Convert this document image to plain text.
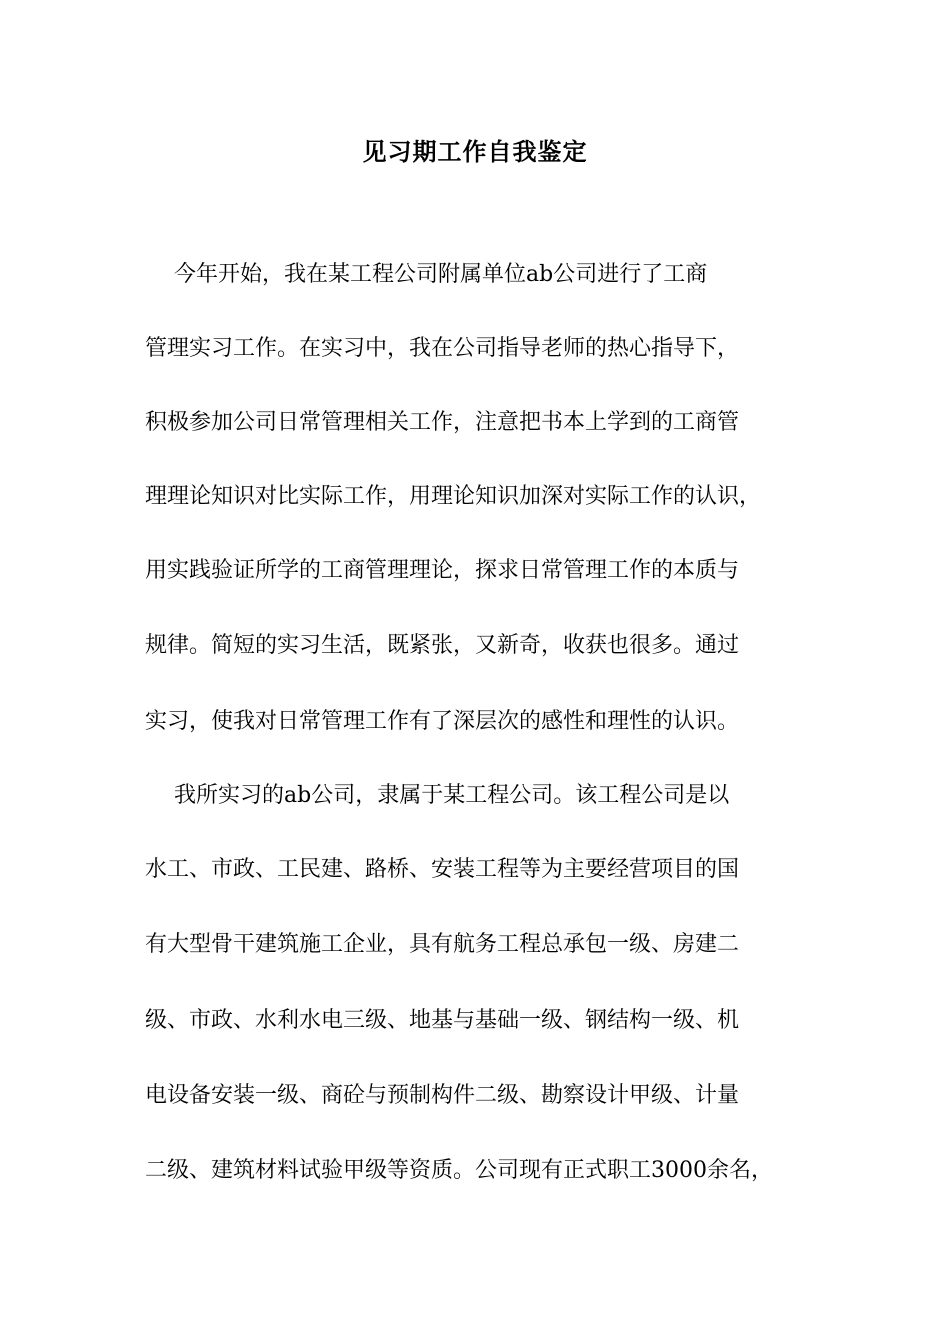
见习期工作自我鉴定
　 今年开始，我在某工程公司附属单位ab公司进行了工商
管理实习工作。在实习中，我在公司指导老师的热心指导下，
积极参加公司日常管理相关工作，注意把书本上学到的工商管
理理论知识对比实际工作，用理论知识加深对实际工作的认识，
用实践验证所学的工商管理理论，探求日常管理工作的本质与
规律。简短的实习生活，既紧张，又新奇，收获也很多。通过
实习，使我对日常管理工作有了深层次的感性和理性的认识。
　 我所实习的ab公司，隶属于某工程公司。该工程公司是以
水工、市政、工民建、路桥、安装工程等为主要经营项目的国
有大型骨干建筑施工企业，具有航务工程总承包一级、房建二
级、市政、水利水电三级、地基与基础一级、钢结构一级、机
电设备安装一级、商砼与预制构件二级、勘察设计甲级、计量
二级、建筑材料试验甲级等资质。公司现有正式职工3000余名，
